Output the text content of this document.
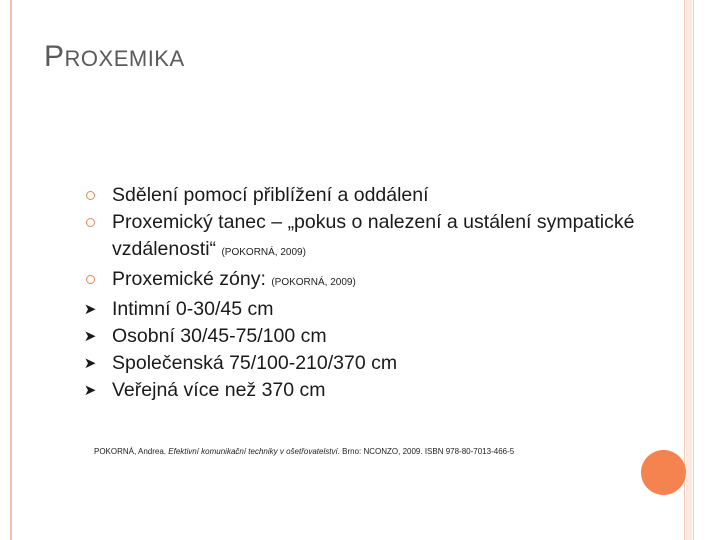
PROXEMIKA
Sdělení pomocí přiblížení a oddálení
Proxemický tanec – „pokus o nalezení a ustálení sympatické vzdálenosti“ (POKORNÁ, 2009)
Proxemické zóny: (POKORNÁ, 2009)
➤ Intimní 0-30/45 cm
➤ Osobní 30/45-75/100 cm
➤ Společenská 75/100-210/370 cm
➤ Veřejná více než 370 cm
POKORNÁ, Andrea. Efektivní komunikační techniky v ošetřovatelství. Brno: NCONZO, 2009. ISBN 978-80-7013-466-5
